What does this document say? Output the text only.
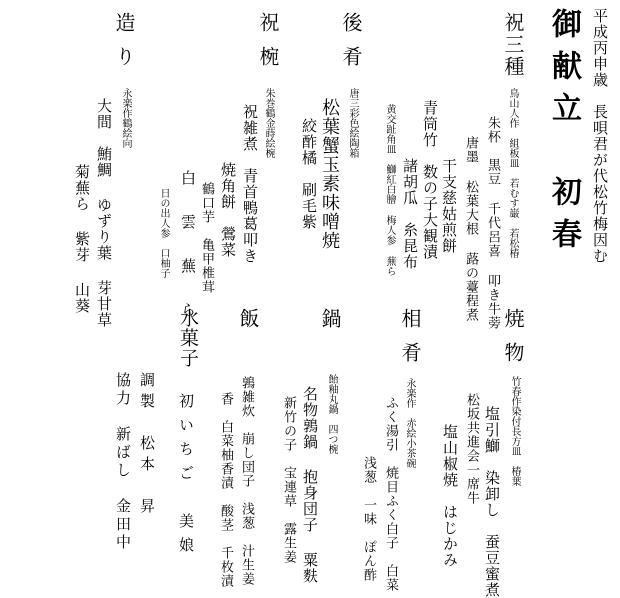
平成丙申歳　長唄君が代松竹梅因む
御献立　初春
祝三種
鳥山人作　組板皿　若むす巌　若松椿
朱杯　黒豆 千代呂喜 叩き牛蒡
唐墨 松葉大根 蕗の薹程煮
干支慈姑煎餅
後肴
唐三彩色絵陶箱	青筒竹　数の子大観漬
諸胡瓜　糸昆布
黄交趾角皿　鰤紅白膾 梅人参 蕪ら
松葉蟹玉素味噌焼
絞酢橘　刷毛紫
祝椀
朱巻鶴金蒔絵椀
祝雑煮　青首鴨葛叩き
焼角餅　鶯菜
鶴口芋　亀甲椎茸
白　雲　蕪　ら
日の出人参　口柚子
造り
永楽作鶴絵向
大間　鮪鯛 ゆずり葉 芽甘草
菊蕪ら 紫芽 山葵
焼物
竹春作染付長方皿　椿葉
塩引鰤　染卸し　蚕豆蜜煮
松坂共進会一席牛
塩山椒焼　はじかみ
相肴
永楽作　赤絵小茶碗
ふく湯引　焼目ふく白子　白菜
浅葱　一味　ぽん酢
鍋
飴釉丸鍋　四つ椀
名物鶉鍋 抱身団子 粟麩
新竹の子　宝連草　露生姜
飯
鶉雑炊　崩し団子　浅葱　汁生姜
香　白菜柚香漬　酸茎　千枚漬
水菓子
初いちご　美娘
調製　松本　昇
協力　新ばし　金田中
